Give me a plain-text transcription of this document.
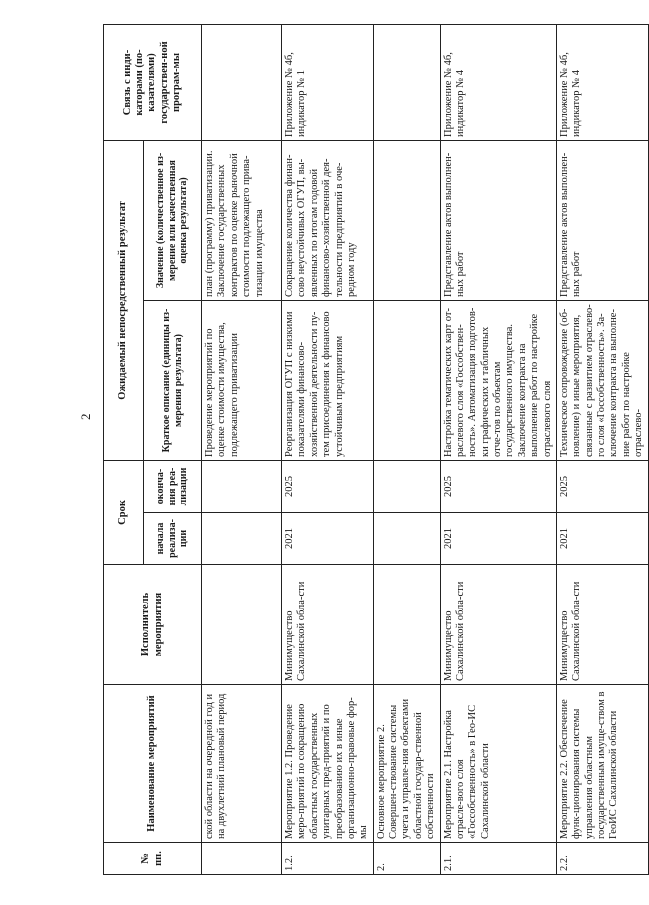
2
№ пп.	Наименование мероприятий	Исполнитель мероприятия	Срок		Ожидаемый непосредственный результат		Связь с инди-каторами (по-казателями) государствен-ной програм-мы
			начала реализа-ции	оконча-ния реа-лизации	Краткое описание (единицы из-мерения результата)	Значение (количественное из-мерение или качественная оценка результата)	
	ской области на очередной год и на двухлетний плановый период				Проведение мероприятий по оценке стоимости имущества, подлежащего приватизации	план (программу) приватизации. Заключение государственных контрактов по оценке рыночной стоимости подлежащего прива-тизации имущества	
1.2.	Мероприятие 1.2. Проведение меро-приятий по сокращению областных государственных унитарных пред-приятий и по преобразованию их в иные организационно-правовые фор-мы	Минимущество Сахалинской обла-сти	2021	2025	Реорганизация ОГУП с низкими показателями финансово-хозяйственной деятельности пу-тем присоединения к финансово устойчивым предприятиям	Сокращение количества финан-сово неустойчивых ОГУП, вы-явленных по итогам годовой финансово-хозяйственной дея-тельности предприятий в оче-редном году	Приложение № 4б, индикатор № 1
2.	Основное мероприятие 2. Совершен-ствование системы учета и управле-ния объектами областной государ-ственной собственности						
2.1.	Мероприятие 2.1. Настройка отрасле-вого слоя «Госсобственность» в Гео-ИС Сахалинской области	Минимущество Сахалинской обла-сти	2021	2025	Настройка тематических карт от-раслевого слоя «Госсобствен-ность». Автоматизация подготов-ки графических и табличных отче-тов по объектам государственного имущества. Заключение контракта на выполнение работ по настройке отраслевого слоя	Представление актов выполнен-ных работ	Приложение № 4б, индикатор № 4
2.2.	Мероприятие 2.2. Обеспечение функ-ционирования системы управления областным государственным имуще-ством в ГеоИС Сахалинской области	Минимущество Сахалинской обла-сти	2021	2025	Техническое сопровождение (об-новление) и иные мероприятия, связанные с развитием отраслево-го слоя «Госсобственность». За-ключение контракта на выполне-ние работ по настройке отраслево-	Представление актов выполнен-ных работ	Приложение № 4б, индикатор № 4
